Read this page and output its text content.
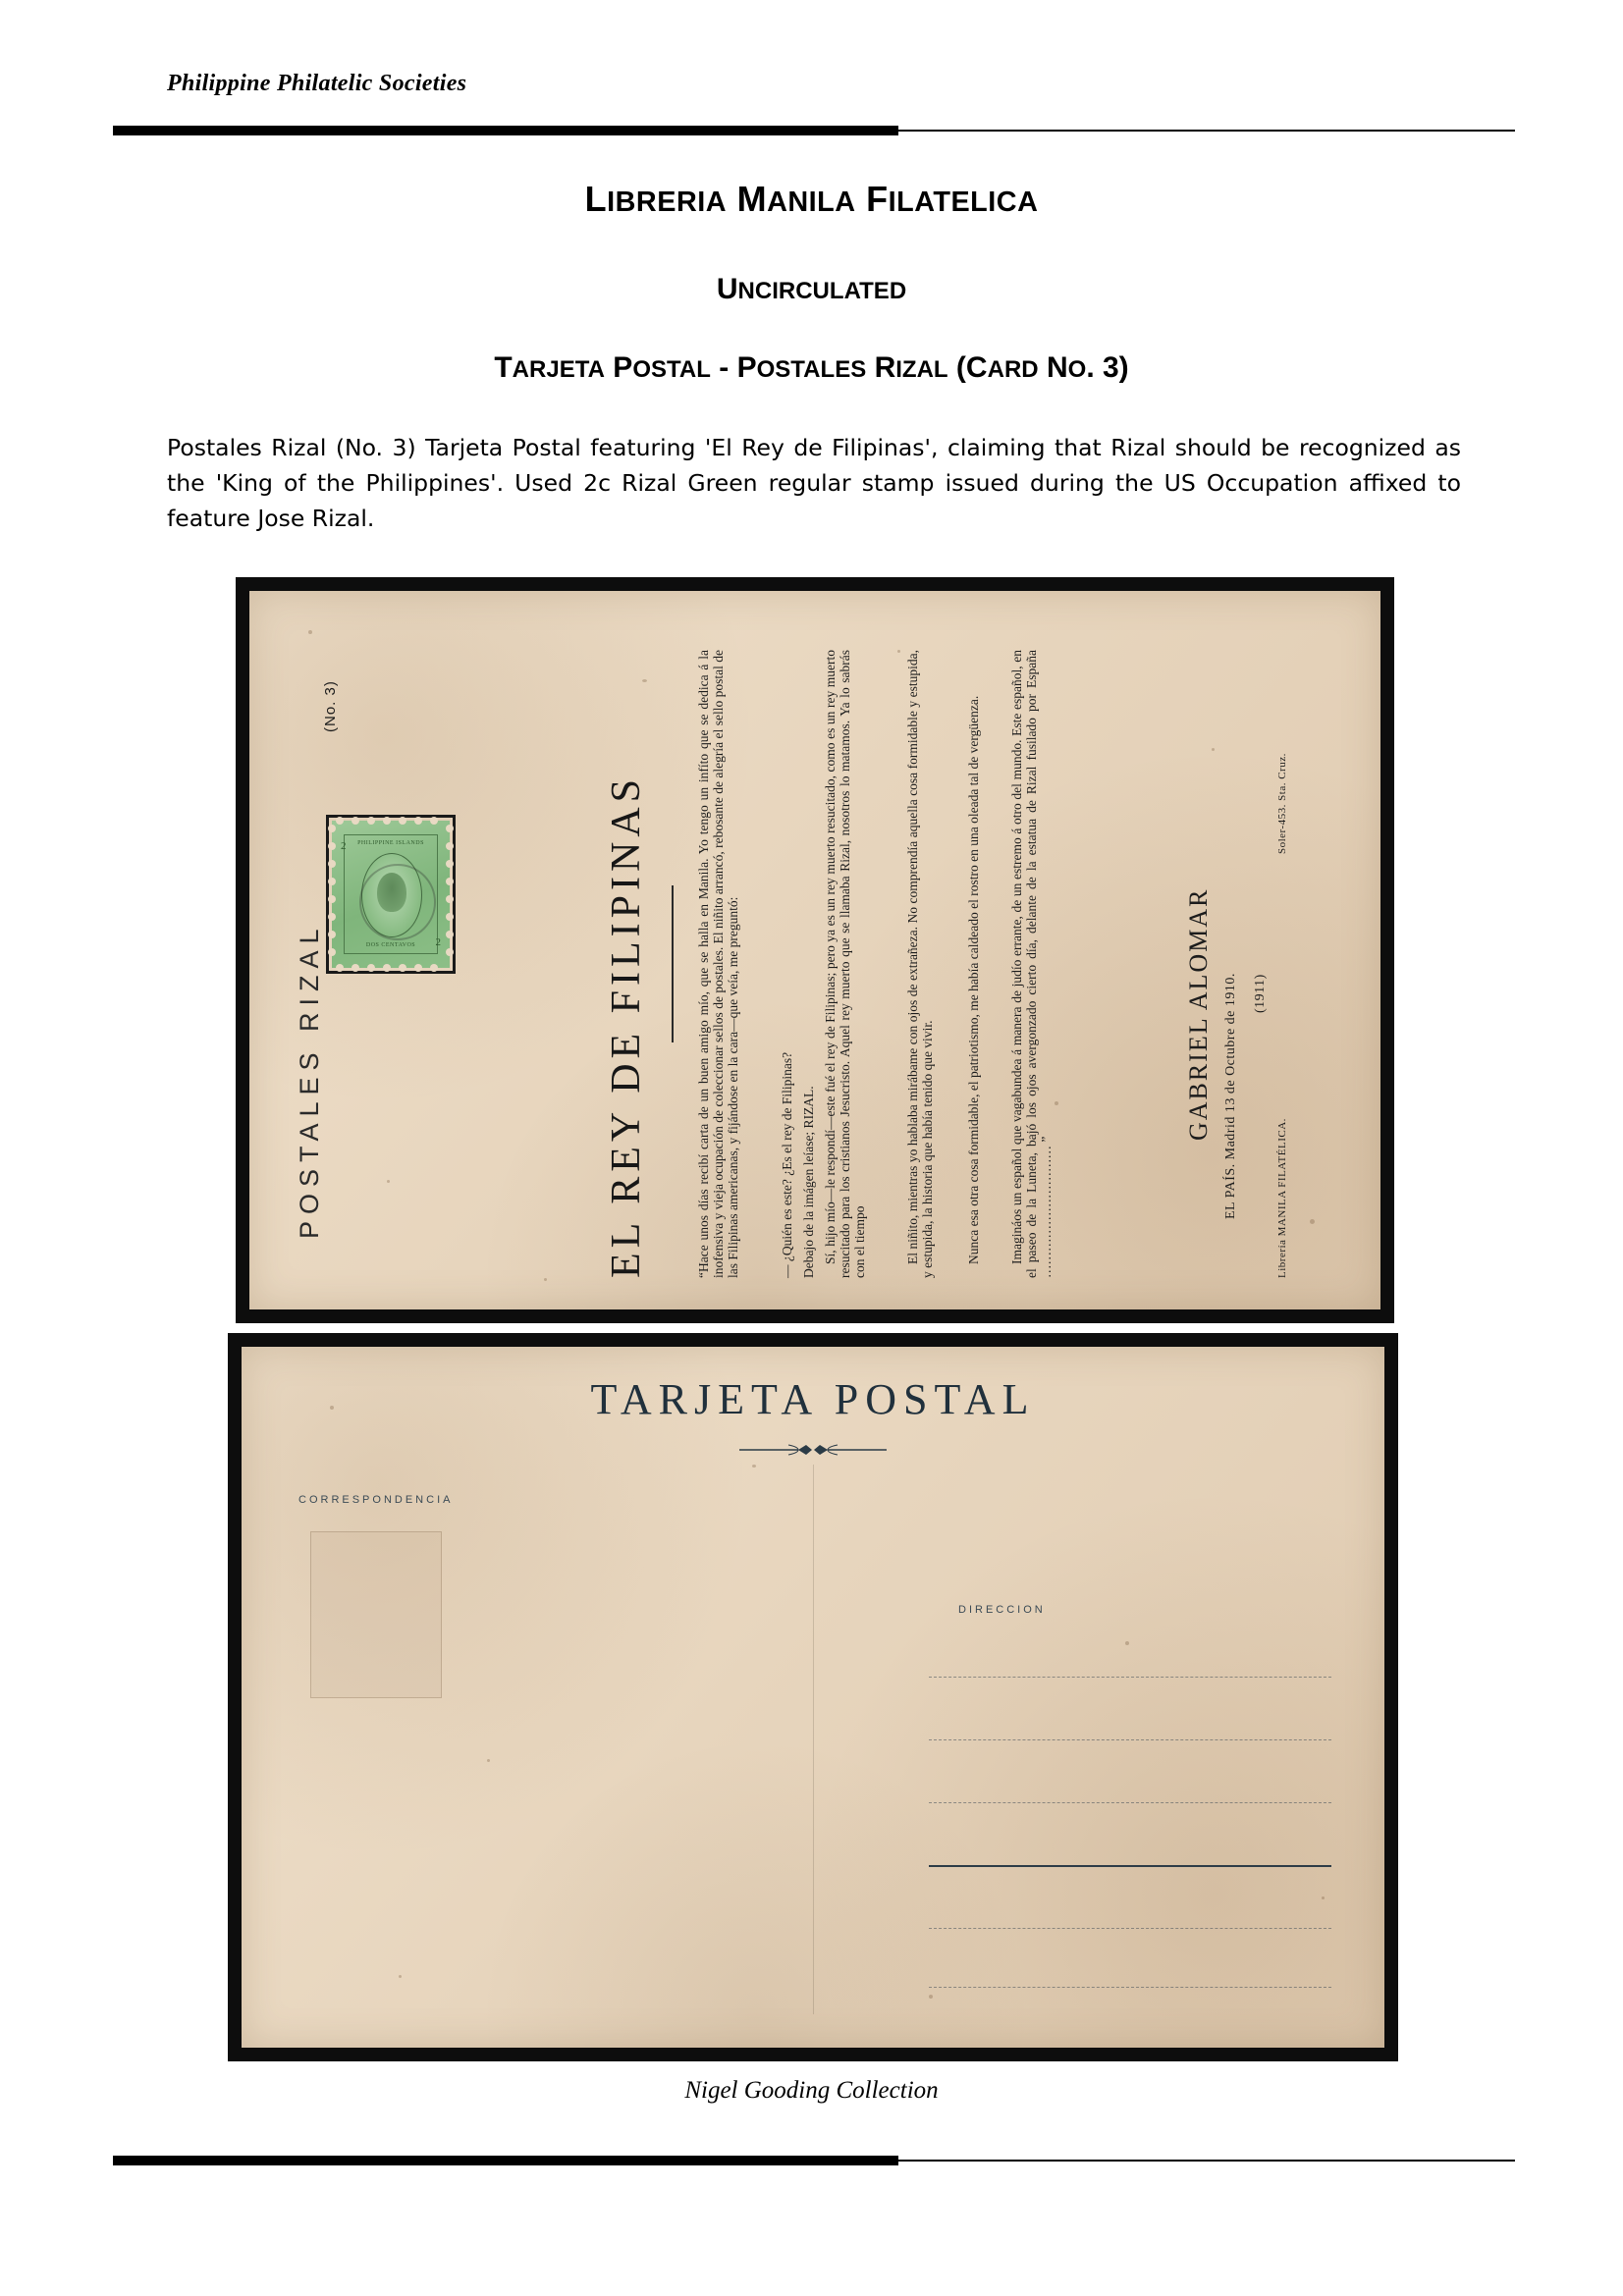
Philippine Philatelic Societies
LIBRERIA MANILA FILATELICA
UNCIRCULATED
TARJETA POSTAL - POSTALES RIZAL (CARD NO. 3)
Postales Rizal (No. 3) Tarjeta Postal featuring 'El Rey de Filipinas', claiming that Rizal should be recognized as the 'King of the Philippines'. Used 2c Rizal Green regular stamp issued during the US Occupation affixed to feature Jose Rizal.
POSTALES RIZAL
(No. 3)
PHILIPPINE ISLANDS
DOS CENTAVOS
2
2	EL REY DE FILIPINAS	“Hace unos días recibí carta de un buen amigo mío, que se halla en Manila. Yo tengo un infíto que se dedica á la inofensiva y vieja ocupación de coleccionar sellos de postales. El niñito arrancó, rebosante de alegría el sello postal de las Filipinas americanas, y fijándose en la cara—que veía, me preguntó:	— ¿Quién es este? ¿Es el rey de Filipinas? Debajo de la imágen leíase; RIZAL. Sí, hijo mío—le respondí—este fué el rey de Filipinas; pero ya es un rey muerto resucitado, como es un rey muerto resucitado para los cristianos Jesucristo. Aquel rey muerto que se llamaba Rizal, nosotros lo matamos. Ya lo sabrás con el tiempo	El niñito, mientras yo hablaba mirábame con ojos de extrañeza. No comprendía aquella cosa formidable y estupida, y estupida, la historia que había tenido que vivir. Nunca esa otra cosa formidable, el patriotismo, me había caldeado el rostro en una oleada tal de vergüenza. Imagináos un español que vagabundea á manera de judío errante, de un estremo á otro del mundo. Este español, en el paseo de la Luneta, bajó los ojos avergonzado cierto día, delante de la estatua de Rizal fusilado por España ………………………… ”

GABRIEL ALOMAR EL PAÍS. Madrid 13 de Octubre de 1910. (1911)
Librería MANILA FILATÉLICA.
Soler-453. Sta. Cruz.
TARJETA POSTAL
CORRESPONDENCIA
DIRECCION
Nigel Gooding Collection
